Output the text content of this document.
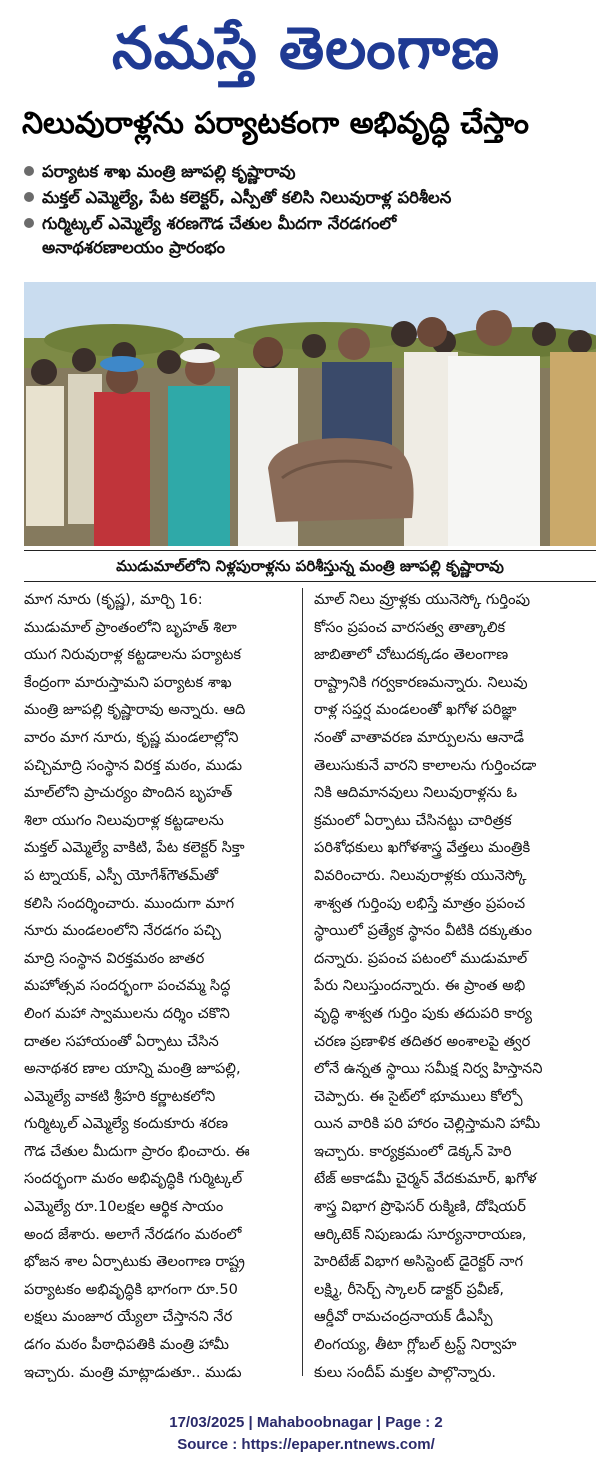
నమస్తే తెలంగాణ
నిలువురాళ్లను పర్యాటకంగా అభివృద్ధి చేస్తాం
పర్యాటక శాఖ మంత్రి జూపల్లి కృష్ణారావు
మక్తల్ ఎమ్మెల్యే, పేట కలెక్టర్, ఎస్పీతో కలిసి నిలువురాళ్ల పరిశీలన
గుర్మిట్కల్ ఎమ్మెల్యే శరణగౌడ చేతుల మీదగా నేరడగంలో
అనాథశరణాలయం ప్రారంభం
ముడుమాల్‌లోని నిళ్లపురాళ్లను పరిశీస్తున్న మంత్రి జూపల్లి కృష్ణారావు
మాగ నూరు (కృష్ణ), మార్చి 16:
ముడుమాల్ ప్రాంతంలోని బృహత్ శిలా
యుగ నిరువురాళ్ల కట్టడాలను పర్యాటక
కేంద్రంగా మారుస్తామని పర్యాటక శాఖ
మంత్రి జూపల్లి కృష్ణారావు అన్నారు. ఆది
వారం మాగ నూరు, కృష్ణ మండలాల్లోని
పచ్చిమాద్రి సంస్థాన విరక్త మఠం, ముడు
మాల్‌లోని ప్రాచుర్యం పొందిన బృహత్
శిలా యుగం నిలువురాళ్ల కట్టడాలను
మక్తల్ ఎమ్మెల్యే వాకిటి, పేట కలెక్టర్ సిక్తా
ప ట్నాయక్, ఎస్పీ యోగేశ్‌గౌతమ్‌తో
కలిసి సందర్శించారు. ముందుగా మాగ
నూరు మండలంలోని నేరడగం పచ్చి
మాద్రి సంస్థాన విరక్తమఠం జాతర
మహోత్సవ సందర్భంగా పంచమ్మ సిద్ధ
లింగ మహా స్వాములను దర్శిం చకొని
దాతల సహాయంతో ఏర్పాటు చేసిన
అనాథశర ణాల యాన్ని మంత్రి జూపల్లి,
ఎమ్మెల్యే వాకటి శ్రీహరి కర్ణాటకలోని
గుర్మిట్కల్ ఎమ్మెల్యే కందుకూరు శరణ
గౌడ చేతుల మీదుగా ప్రారం భించారు. ఈ
సందర్భంగా మఠం అభివృద్ధికి గుర్మిట్కల్
ఎమ్మెల్యే రూ.10లక్షల ఆర్థిక సాయం
అంద జేశారు. అలాగే నేరడగం మఠంలో
భోజన శాల ఏర్పాటుకు తెలంగాణ రాష్ట్ర
పర్యాటకం అభివృద్ధికి భాగంగా రూ.50
లక్షలు మంజూర య్యేలా చేస్తానని నేర
డగం మఠం పీఠాధిపతికి మంత్రి హామీ
ఇచ్చారు. మంత్రి మాట్లాడుతూ.. ముడు
మాల్ నిలు వ్రూళ్లకు యునెస్కో గుర్తింపు
కోసం ప్రపంచ వారసత్వ తాత్కాలిక
జాబితాలో చోటుదక్కడం తెలంగాణ
రాష్ట్రానికి గర్వకారణమన్నారు. నిలువు
రాళ్ల సప్తర్ష మండలంతో ఖగోళ పరిజ్ఞా
నంతో వాతావరణ మార్పులను ఆనాడే
తెలుసుకునే వారని కాలాలను గుర్తించడా
నికి ఆదిమానవులు నిలువురాళ్లను ఓ
క్రమంలో ఏర్పాటు చేసినట్టు చారిత్రక
పరిశోధకులు ఖగోళశాస్త్ర వేత్తలు మంత్రికి
వివరించారు. నిలువురాళ్లకు యునెస్కో
శాశ్వత గుర్తింపు లభిస్తే మాత్రం ప్రపంచ
స్థాయిలో ప్రత్యేక స్థానం వీటికి దక్కుతుం
దన్నారు. ప్రపంచ పటంలో ముడుమాల్
పేరు నిలుస్తుందన్నారు. ఈ ప్రాంత అభి
వృద్ధి శాశ్వత గుర్తిం పుకు తదుపరి కార్య
చరణ ప్రణాళిక తదితర అంశాలపై త్వర
లోనే ఉన్నత స్థాయి సమీక్ష నిర్వ హిస్తానని
చెప్పారు. ఈ సైట్‌లో భూములు కోల్పో
యిన వారికి పరి హారం చెల్లిస్తామని హామీ
ఇచ్చారు. కార్యక్రమంలో డెక్కన్ హెరి
టేజ్ అకాడమీ చైర్మన్ వేదకుమార్, ఖగోళ
శాస్త్ర విభాగ ప్రొఫెసర్ రుక్మిణి, దోషియర్
ఆర్కిటెక్ నిపుణుడు సూర్యనారాయణ,
హెరిటేజ్ విభాగ అసిస్టెంట్ డైరెక్టర్ నాగ
లక్ష్మి, రీసెర్చ్ స్కాలర్ డాక్టర్ ప్రవీణ్,
ఆర్డీవో రామచంద్రనాయక్ డీఎస్పీ
లింగయ్య, తీటా గ్లోబల్ ట్రస్ట్ నిర్వాహ
కులు సందీప్ మక్తల పాల్గొన్నారు.
17/03/2025 | Mahaboobnagar | Page : 2
Source : https://epaper.ntnews.com/
